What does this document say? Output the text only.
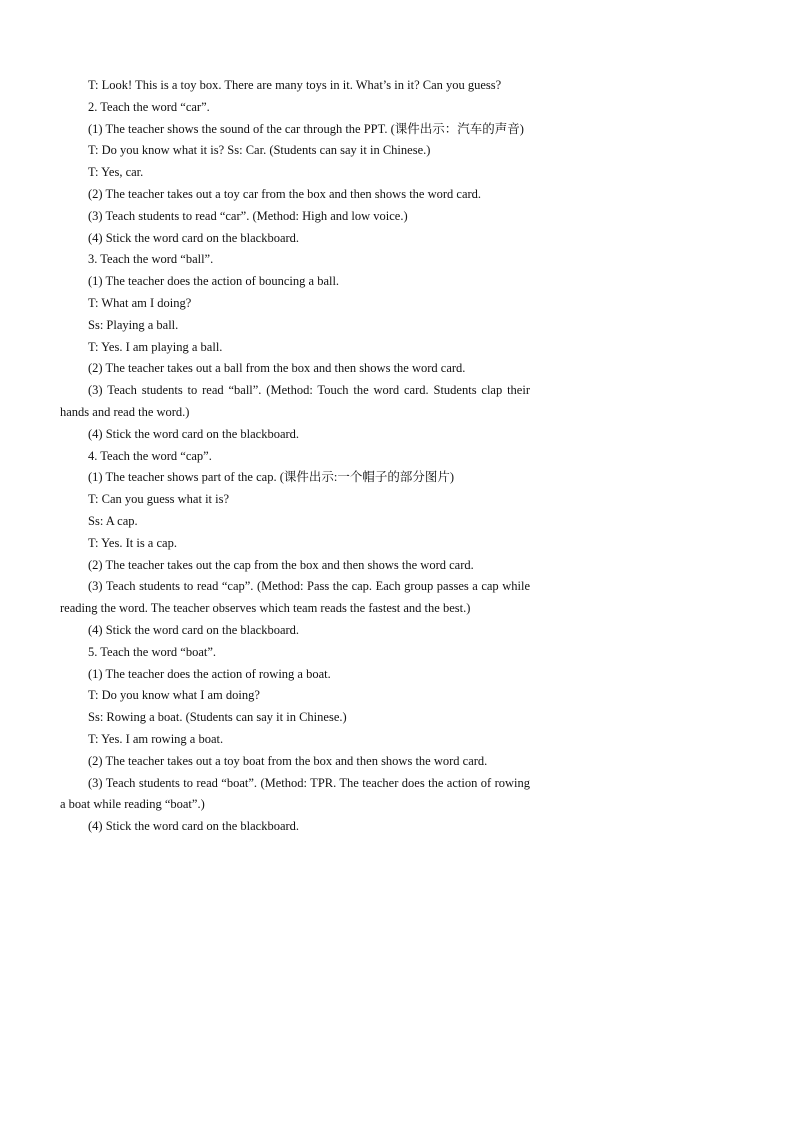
T: Look! This is a toy box. There are many toys in it. What’s in it? Can you guess?

2. Teach the word “car”.

(1) The teacher shows the sound of the car through the PPT. (课件出示：汽车的声音)

T: Do you know what it is? Ss: Car. (Students can say it in Chinese.)

T: Yes, car.

(2) The teacher takes out a toy car from the box and then shows the word card.

(3) Teach students to read “car”. (Method: High and low voice.)

(4) Stick the word card on the blackboard.

3. Teach the word “ball”.

(1) The teacher does the action of bouncing a ball.

T: What am I doing?

Ss: Playing a ball.

T: Yes. I am playing a ball.

(2) The teacher takes out a ball from the box and then shows the word card.

(3) Teach students to read “ball”. (Method: Touch the word card. Students clap their hands and read the word.)

(4) Stick the word card on the blackboard.

4. Teach the word “cap”.

(1) The teacher shows part of the cap. (课件出示:一个帽子的部分图片)

T: Can you guess what it is?

Ss: A cap.

T: Yes. It is a cap.

(2) The teacher takes out the cap from the box and then shows the word card.

(3) Teach students to read “cap”. (Method: Pass the cap. Each group passes a cap while reading the word. The teacher observes which team reads the fastest and the best.)

(4) Stick the word card on the blackboard.

5. Teach the word “boat”.

(1) The teacher does the action of rowing a boat.

T: Do you know what I am doing?

Ss: Rowing a boat. (Students can say it in Chinese.)

T: Yes. I am rowing a boat.

(2) The teacher takes out a toy boat from the box and then shows the word card.

(3) Teach students to read “boat”. (Method: TPR. The teacher does the action of rowing a boat while reading “boat”.)

(4) Stick the word card on the blackboard.
